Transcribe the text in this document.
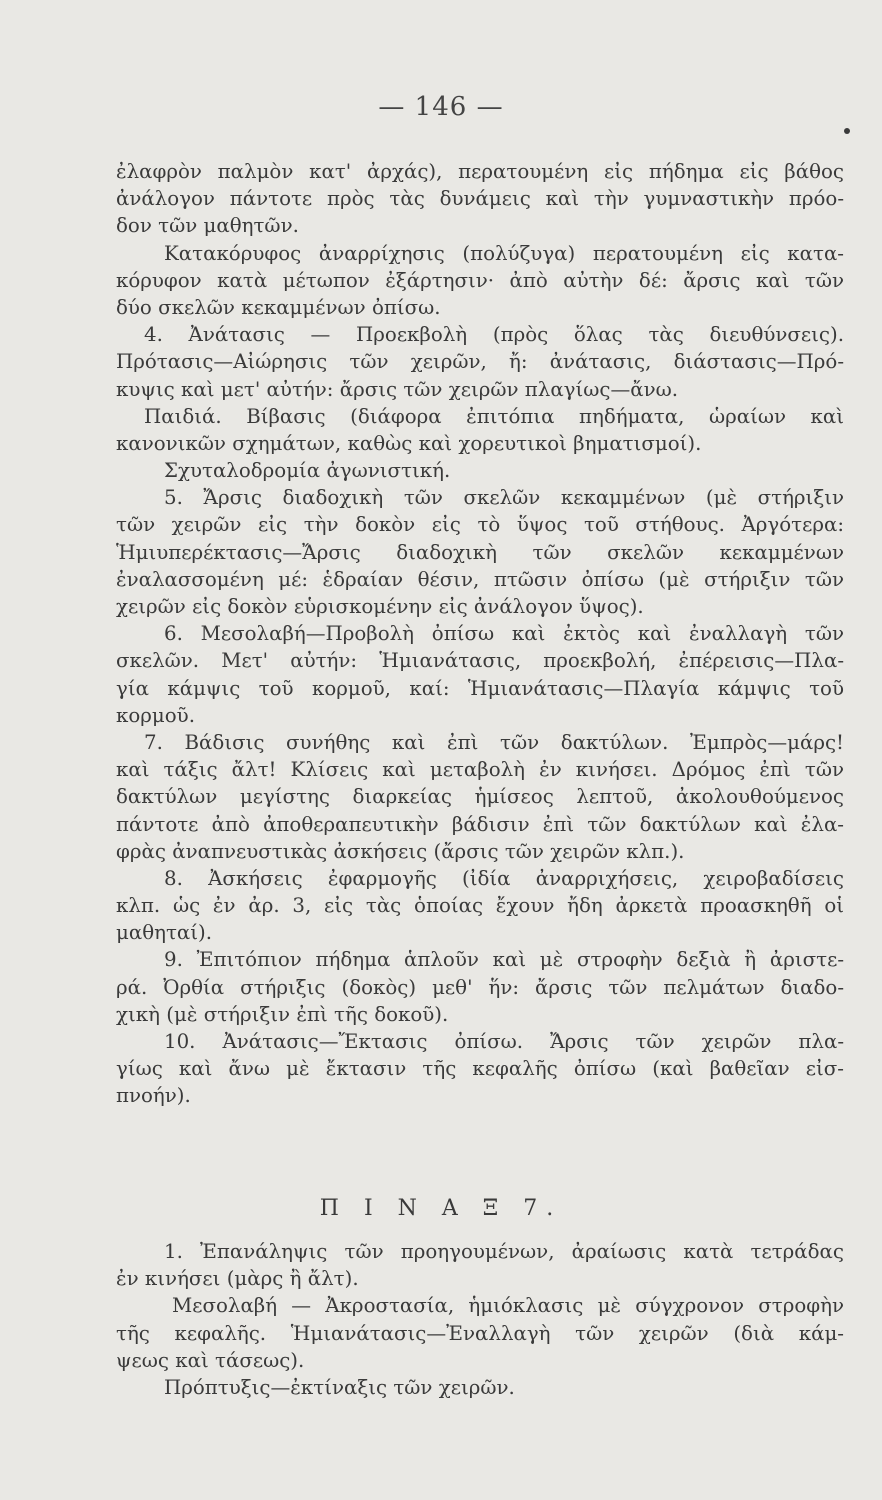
— 146 —
ἐλαφρὸν παλμὸν κατ' ἀρχάς), περατουμένη εἰς πήδημα εἰς βάθος
ἀνάλογον πάντοτε πρὸς τὰς δυνάμεις καὶ τὴν γυμναστικὴν πρόο-
δον τῶν μαθητῶν.
Κατακόρυφος ἀναρρίχησις (πολύζυγα) περατουμένη εἰς κατα-
κόρυφον κατὰ μέτωπον ἐξάρτησιν· ἀπὸ αὐτὴν δέ: ἄρσις καὶ τῶν
δύο σκελῶν κεκαμμένων ὀπίσω.
4. Ἀνάτασις — Προεκβολὴ (πρὸς ὅλας τὰς διευθύνσεις).
Πρότασις—Αἰώρησις τῶν χειρῶν, ἤ: ἀνάτασις, διάστασις—Πρό-
κυψις καὶ μετ' αὐτήν: ἄρσις τῶν χειρῶν πλαγίως—ἄνω.
Παιδιά. Βίβασις (διάφορα ἐπιτόπια πηδήματα, ὡραίων καὶ
κανονικῶν σχημάτων, καθὼς καὶ χορευτικοὶ βηματισμοί).
Σχυταλοδρομία ἀγωνιστική.
5. Ἄρσις διαδοχικὴ τῶν σκελῶν κεκαμμένων (μὲ στήριξιν
τῶν χειρῶν εἰς τὴν δοκὸν εἰς τὸ ὕψος τοῦ στήθους. Ἀργότερα:
Ἡμιυπερέκτασις—Ἄρσις διαδοχικὴ τῶν σκελῶν κεκαμμένων
ἐναλασσομένη μέ: ἑδραίαν θέσιν, πτῶσιν ὀπίσω (μὲ στήριξιν τῶν
χειρῶν εἰς δοκὸν εὑρισκομένην εἰς ἀνάλογον ὕψος).
6. Μεσολαβή—Προβολὴ ὀπίσω καὶ ἐκτὸς καὶ ἐναλλαγὴ τῶν
σκελῶν. Μετ' αὐτήν: Ἡμιανάτασις, προεκβολή, ἐπέρεισις—Πλα-
γία κάμψις τοῦ κορμοῦ, καί: Ἡμιανάτασις—Πλαγία κάμψις τοῦ
κορμοῦ.
7. Βάδισις συνήθης καὶ ἐπὶ τῶν δακτύλων. Ἐμπρὸς—μάρς!
καὶ τάξις ἄλτ! Κλίσεις καὶ μεταβολὴ ἐν κινήσει. Δρόμος ἐπὶ τῶν
δακτύλων μεγίστης διαρκείας ἡμίσεος λεπτοῦ, ἀκολουθούμενος
πάντοτε ἀπὸ ἀποθεραπευτικὴν βάδισιν ἐπὶ τῶν δακτύλων καὶ ἐλα-
φρὰς ἀναπνευστικὰς ἀσκήσεις (ἄρσις τῶν χειρῶν κλπ.).
8. Ἀσκήσεις ἐφαρμογῆς (ἰδία ἀναρριχήσεις, χειροβαδίσεις
κλπ. ὡς ἐν ἀρ. 3, εἰς τὰς ὁποίας ἔχουν ἤδη ἀρκετὰ προασκηθῆ οἱ
μαθηταί).
9. Ἐπιτόπιον πήδημα ἁπλοῦν καὶ μὲ στροφὴν δεξιὰ ἢ ἀριστε-
ρά. Ὀρθία στήριξις (δοκὸς) μεθ' ἥν: ἄρσις τῶν πελμάτων διαδο-
χικὴ (μὲ στήριξιν ἐπὶ τῆς δοκοῦ).
10. Ἀνάτασις—Ἔκτασις ὀπίσω. Ἄρσις τῶν χειρῶν πλα-
γίως καὶ ἄνω μὲ ἔκτασιν τῆς κεφαλῆς ὀπίσω (καὶ βαθεῖαν εἰσ-
πνοήν).
Π Ι Ν Α Ξ 7.
1. Ἐπανάληψις τῶν προηγουμένων, ἀραίωσις κατὰ τετράδας
ἐν κινήσει (μὰρς ἢ ἄλτ).
Μεσολαβή — Ἀκροστασία, ἡμιόκλασις μὲ σύγχρονον στροφὴν
τῆς κεφαλῆς. Ἡμιανάτασις—Ἐναλλαγὴ τῶν χειρῶν (διὰ κάμ-
ψεως καὶ τάσεως).
Πρόπτυξις—ἐκτίναξις τῶν χειρῶν.
